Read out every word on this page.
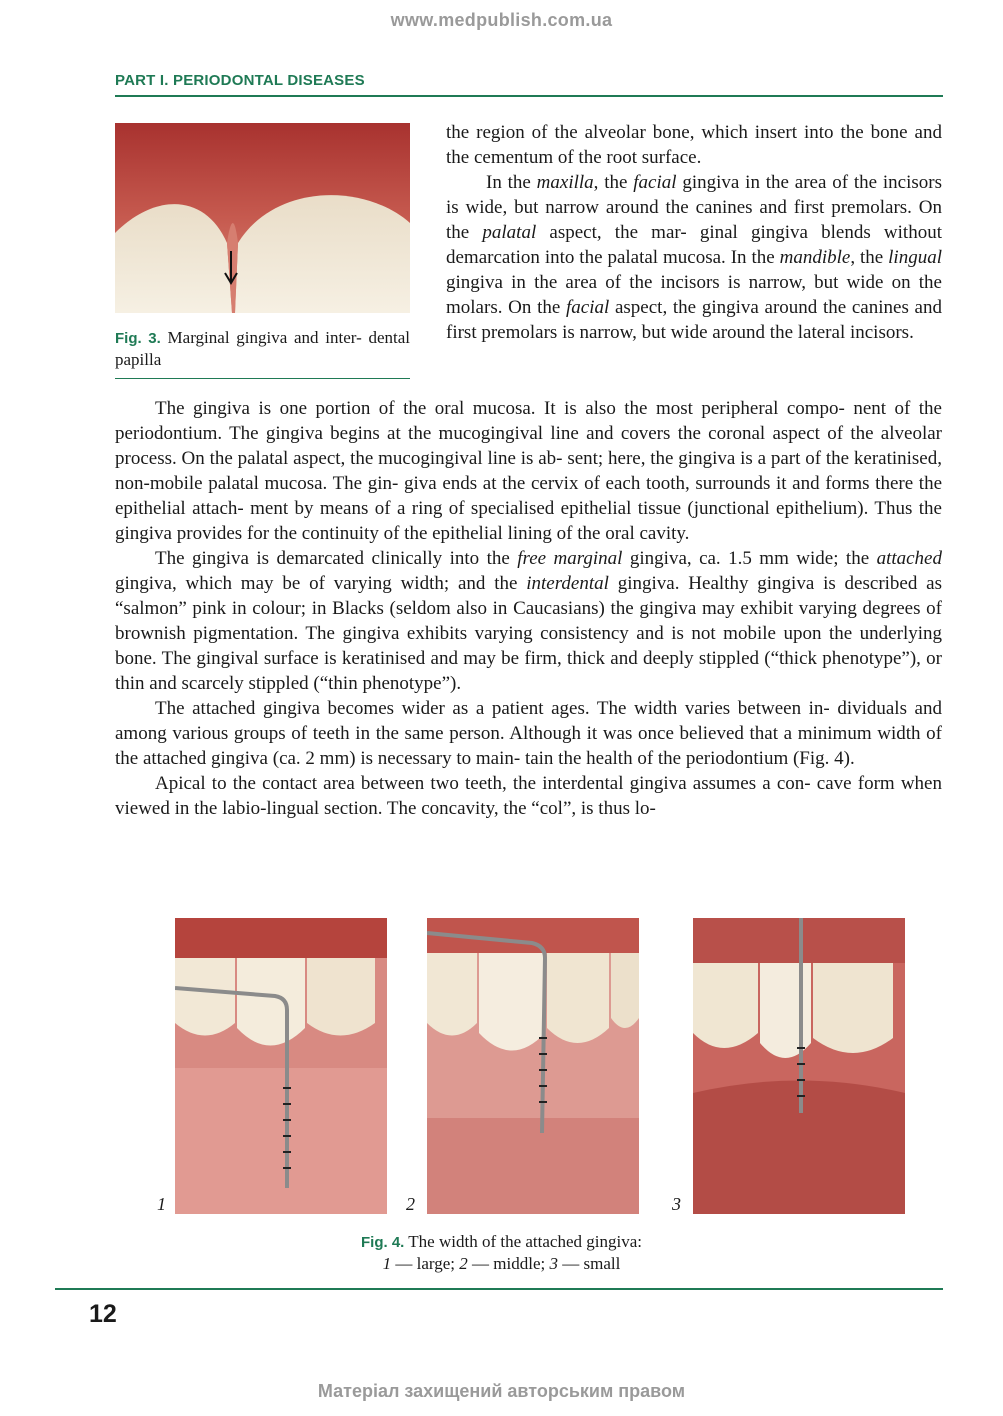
www.medpublish.com.ua
PART I. PERIODONTAL DISEASES
Fig. 3. Marginal gingiva and inter- dental papilla

the region of the alveolar bone, which insert into the bone and the cementum of the root surface.

In the maxilla, the facial gingiva in the area of the incisors is wide, but narrow around the canines and first premolars. On the palatal aspect, the mar- ginal gingiva blends without demarcation into the palatal mucosa. In the mandible, the lingual gingiva in the area of the incisors is narrow, but wide on the molars. On the facial aspect, the gingiva around the canines and first premolars is narrow, but wide around the lateral incisors.

The gingiva is one portion of the oral mucosa. It is also the most peripheral compo- nent of the periodontium. The gingiva begins at the mucogingival line and covers the coronal aspect of the alveolar process. On the palatal aspect, the mucogingival line is ab- sent; here, the gingiva is a part of the keratinised, non-mobile palatal mucosa. The gin- giva ends at the cervix of each tooth, surrounds it and forms there the epithelial attach- ment by means of a ring of specialised epithelial tissue (junctional epithelium). Thus the gingiva provides for the continuity of the epithelial lining of the oral cavity.

The gingiva is demarcated clinically into the free marginal gingiva, ca. 1.5 mm wide; the attached gingiva, which may be of varying width; and the interdental gingiva. Healthy gingiva is described as “salmon” pink in colour; in Blacks (seldom also in Caucasians) the gingiva may exhibit varying degrees of brownish pigmentation. The gingiva exhibits varying consistency and is not mobile upon the underlying bone. The gingival surface is keratinised and may be firm, thick and deeply stippled (“thick phenotype”), or thin and scarcely stippled (“thin phenotype”).

The attached gingiva becomes wider as a patient ages. The width varies between in- dividuals and among various groups of teeth in the same person. Although it was once believed that a minimum width of the attached gingiva (ca. 2 mm) is necessary to main- tain the health of the periodontium (Fig. 4).

Apical to the contact area between two teeth, the interdental gingiva assumes a con- cave form when viewed in the labio-lingual section. The concavity, the “col”, is thus lo-

1	2	3
Fig. 4. The width of the attached gingiva:
1 — large; 2 — middle; 3 — small
12
Матеріал захищений авторським правом
